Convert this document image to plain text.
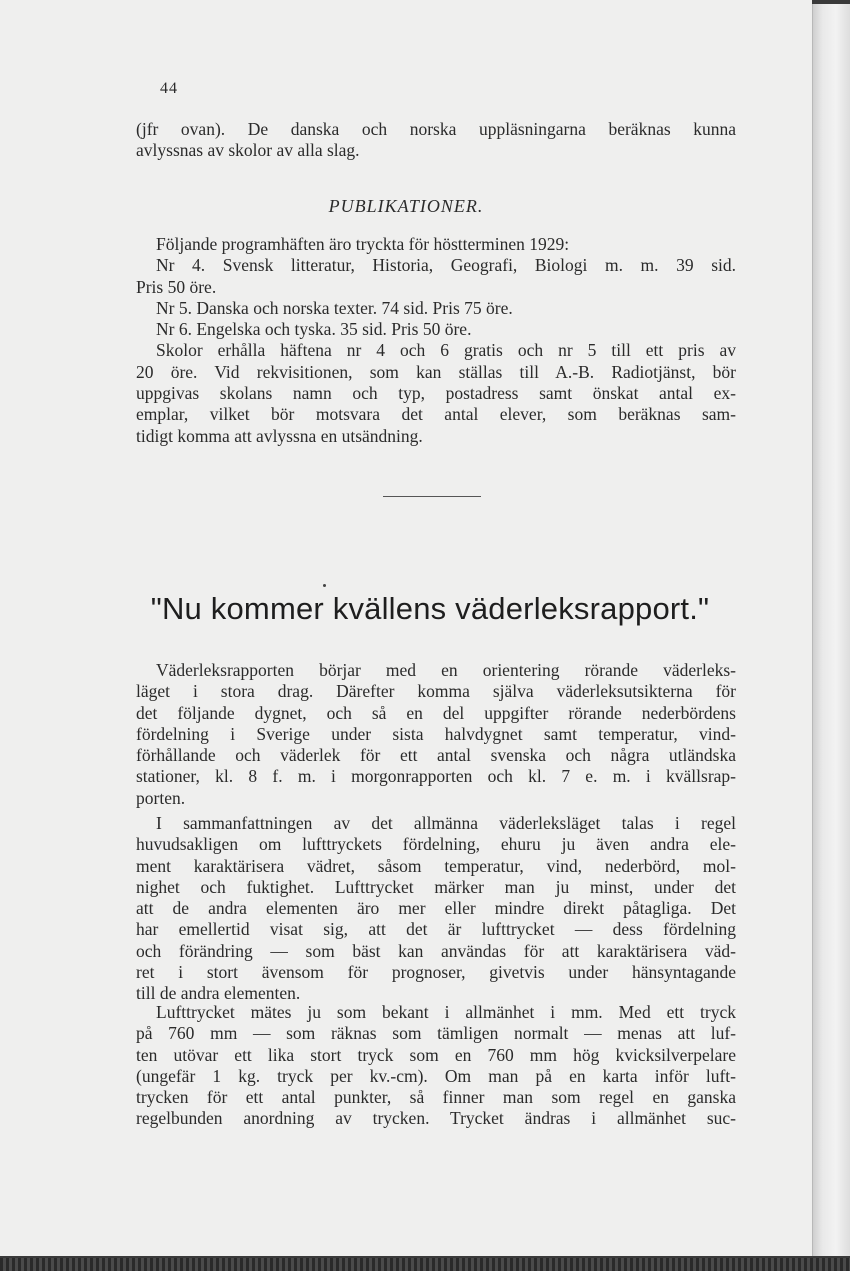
44
(jfr ovan). De danska och norska uppläsningarna beräknas kunna
avlyssnas av skolor av alla slag.
PUBLIKATIONER.
Följande programhäften äro tryckta för höstterminen 1929:
Nr 4. Svensk litteratur, Historia, Geografi, Biologi m. m. 39 sid.
Pris 50 öre.
Nr 5. Danska och norska texter. 74 sid. Pris 75 öre.
Nr 6. Engelska och tyska. 35 sid. Pris 50 öre.
Skolor erhålla häftena nr 4 och 6 gratis och nr 5 till ett pris av
20 öre. Vid rekvisitionen, som kan ställas till A.-B. Radiotjänst, bör
uppgivas skolans namn och typ, postadress samt önskat antal ex-
emplar, vilket bör motsvara det antal elever, som beräknas sam-
tidigt komma att avlyssna en utsändning.
"Nu kommer kvällens väderleksrapport."
Väderleksrapporten börjar med en orientering rörande väderleks-
läget i stora drag. Därefter komma själva väderleksutsikterna för
det följande dygnet, och så en del uppgifter rörande nederbördens
fördelning i Sverige under sista halvdygnet samt temperatur, vind-
förhållande och väderlek för ett antal svenska och några utländska
stationer, kl. 8 f. m. i morgonrapporten och kl. 7 e. m. i kvällsrap-
porten.
I sammanfattningen av det allmänna väderleksläget talas i regel
huvudsakligen om lufttryckets fördelning, ehuru ju även andra ele-
ment karaktärisera vädret, såsom temperatur, vind, nederbörd, mol-
nighet och fuktighet. Lufttrycket märker man ju minst, under det
att de andra elementen äro mer eller mindre direkt påtagliga. Det
har emellertid visat sig, att det är lufttrycket — dess fördelning
och förändring — som bäst kan användas för att karaktärisera väd-
ret i stort ävensom för prognoser, givetvis under hänsyntagande
till de andra elementen.
Lufttrycket mätes ju som bekant i allmänhet i mm. Med ett tryck
på 760 mm — som räknas som tämligen normalt — menas att luf-
ten utövar ett lika stort tryck som en 760 mm hög kvicksilverpelare
(ungefär 1 kg. tryck per kv.-cm). Om man på en karta inför luft-
trycken för ett antal punkter, så finner man som regel en ganska
regelbunden anordning av trycken. Trycket ändras i allmänhet suc-
